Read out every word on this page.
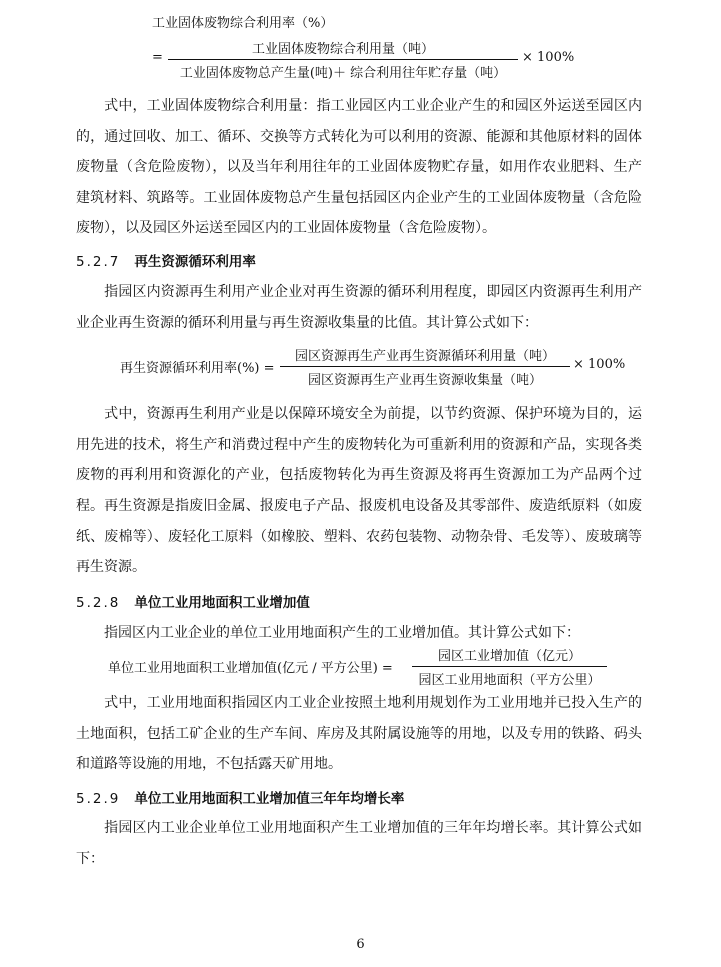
工业固体废物综合利用率（%）
=
工业固体废物综合利用量（吨）
工业固体废物总产生量(吨)＋ 综合利用往年贮存量（吨）
× 100%

式中，工业固体废物综合利用量：指工业园区内工业企业产生的和园区外运送至园区内的，通过回收、加工、循环、交换等方式转化为可以利用的资源、能源和其他原材料的固体废物量（含危险废物），以及当年利用往年的工业固体废物贮存量，如用作农业肥料、生产建筑材料、筑路等。工业固体废物总产生量包括园区内企业产生的工业固体废物量（含危险废物），以及园区外运送至园区内的工业固体废物量（含危险废物）。

5.2.7 再生资源循环利用率

指园区内资源再生利用产业企业对再生资源的循环利用程度，即园区内资源再生利用产业企业再生资源的循环利用量与再生资源收集量的比值。其计算公式如下：

再生资源循环利用率(%) =
园区资源再生产业再生资源循环利用量（吨）
园区资源再生产业再生资源收集量（吨）
× 100%

式中，资源再生利用产业是以保障环境安全为前提，以节约资源、保护环境为目的，运用先进的技术，将生产和消费过程中产生的废物转化为可重新利用的资源和产品，实现各类废物的再利用和资源化的产业，包括废物转化为再生资源及将再生资源加工为产品两个过程。 再生资源是指废旧金属、报废电子产品、报废机电设备及其零部件、废造纸原料（如废纸、废棉等）、废轻化工原料（如橡胶、塑料、农药包装物、动物杂骨、毛发等）、废玻璃等再生资源。

5.2.8 单位工业用地面积工业增加值

指园区内工业企业的单位工业用地面积产生的工业增加值。其计算公式如下：

单位工业用地面积工业增加值(亿元 / 平方公里) =
园区工业增加值（亿元）
园区工业用地面积（平方公里）

式中，工业用地面积指园区内工业企业按照土地利用规划作为工业用地并已投入生产的土地面积，包括工矿企业的生产车间、库房及其附属设施等的用地，以及专用的铁路、码头和道路等设施的用地，不包括露天矿用地。

5.2.9 单位工业用地面积工业增加值三年年均增长率

指园区内工业企业单位工业用地面积产生工业增加值的三年年均增长率。其计算公式如下：

6
